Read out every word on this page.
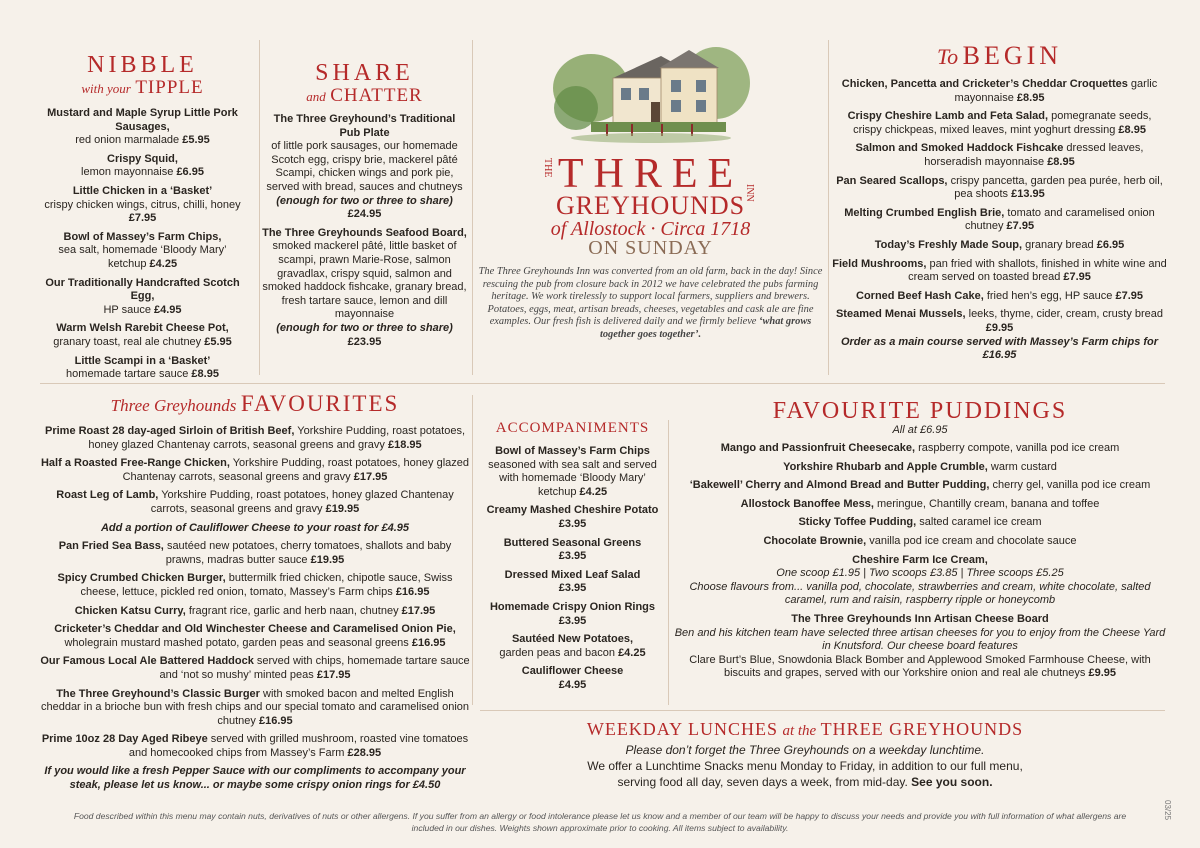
NIBBLE
with your TIPPLE
Mustard and Maple Syrup Little Pork Sausages,
red onion marmalade £5.95
Crispy Squid,
lemon mayonnaise £6.95
Little Chicken in a ‘Basket’
crispy chicken wings, citrus, chilli, honey £7.95
Bowl of Massey’s Farm Chips,
sea salt, homemade ‘Bloody Mary’ ketchup £4.25
Our Traditionally Handcrafted Scotch Egg,
HP sauce £4.95
Warm Welsh Rarebit Cheese Pot,
granary toast, real ale chutney £5.95
Little Scampi in a ‘Basket’
homemade tartare sauce £8.95
SHARE
and CHATTER
The Three Greyhound’s Traditional Pub Plate
of little pork sausages, our homemade Scotch egg, crispy brie, mackerel pâté Scampi, chicken wings and pork pie, served with bread, sauces and chutneys
(enough for two or three to share)
£24.95
The Three Greyhounds Seafood Board,
smoked mackerel pâté, little basket of scampi, prawn Marie-Rose, salmon gravadlax, crispy squid, salmon and smoked haddock fishcake, granary bread, fresh tartare sauce, lemon and dill mayonnaise
(enough for two or three to share)
£23.95
THE THREE
GREYHOUNDS
INN
of Allostock · Circa 1718
ON SUNDAY
The Three Greyhounds Inn was converted from an old farm, back in the day! Since rescuing the pub from closure back in 2012 we have celebrated the pubs farming heritage. We work tirelessly to support local farmers, suppliers and brewers. Potatoes, eggs, meat, artisan breads, cheeses, vegetables and cask ale are fine examples. Our fresh fish is delivered daily and we firmly believe ‘what grows together goes together’.
To BEGIN
Chicken, Pancetta and Cricketer’s Cheddar Croquettes garlic mayonnaise £8.95
Crispy Cheshire Lamb and Feta Salad, pomegranate seeds, crispy chickpeas, mixed leaves, mint yoghurt dressing £8.95
Salmon and Smoked Haddock Fishcake dressed leaves, horseradish mayonnaise £8.95
Pan Seared Scallops, crispy pancetta, garden pea purée, herb oil, pea shoots £13.95
Melting Crumbed English Brie, tomato and caramelised onion chutney £7.95
Today’s Freshly Made Soup, granary bread £6.95
Field Mushrooms, pan fried with shallots, finished in white wine and cream served on toasted bread £7.95
Corned Beef Hash Cake, fried hen’s egg, HP sauce £7.95
Steamed Menai Mussels, leeks, thyme, cider, cream, crusty bread £9.95
Order as a main course served with Massey’s Farm chips for £16.95
Three Greyhounds FAVOURITES
Prime Roast 28 day-aged Sirloin of British Beef, Yorkshire Pudding, roast potatoes, honey glazed Chantenay carrots, seasonal greens and gravy £18.95
Half a Roasted Free-Range Chicken, Yorkshire Pudding, roast potatoes, honey glazed Chantenay carrots, seasonal greens and gravy £17.95
Roast Leg of Lamb, Yorkshire Pudding, roast potatoes, honey glazed Chantenay carrots, seasonal greens and gravy £19.95
Add a portion of Cauliflower Cheese to your roast for £4.95
Pan Fried Sea Bass, sautéed new potatoes, cherry tomatoes, shallots and baby prawns, madras butter sauce £19.95
Spicy Crumbed Chicken Burger, buttermilk fried chicken, chipotle sauce, Swiss cheese, lettuce, pickled red onion, tomato, Massey’s Farm chips £16.95
Chicken Katsu Curry, fragrant rice, garlic and herb naan, chutney £17.95
Cricketer’s Cheddar and Old Winchester Cheese and Caramelised Onion Pie, wholegrain mustard mashed potato, garden peas and seasonal greens £16.95
Our Famous Local Ale Battered Haddock served with chips, homemade tartare sauce and ‘not so mushy’ minted peas £17.95
The Three Greyhound’s Classic Burger with smoked bacon and melted English cheddar in a brioche bun with fresh chips and our special tomato and caramelised onion chutney £16.95
Prime 10oz 28 Day Aged Ribeye served with grilled mushroom, roasted vine tomatoes and homecooked chips from Massey’s Farm £28.95
If you would like a fresh Pepper Sauce with our compliments to accompany your steak, please let us know... or maybe some crispy onion rings for £4.50
ACCOMPANIMENTS
Bowl of Massey’s Farm Chips
seasoned with sea salt and served with homemade ‘Bloody Mary’ ketchup £4.25
Creamy Mashed Cheshire Potato
£3.95
Buttered Seasonal Greens
£3.95
Dressed Mixed Leaf Salad
£3.95
Homemade Crispy Onion Rings
£3.95
Sautéed New Potatoes,
garden peas and bacon £4.25
Cauliflower Cheese
£4.95
FAVOURITE PUDDINGS
All at £6.95
Mango and Passionfruit Cheesecake, raspberry compote, vanilla pod ice cream
Yorkshire Rhubarb and Apple Crumble, warm custard
‘Bakewell’ Cherry and Almond Bread and Butter Pudding, cherry gel, vanilla pod ice cream
Allostock Banoffee Mess, meringue, Chantilly cream, banana and toffee
Sticky Toffee Pudding, salted caramel ice cream
Chocolate Brownie, vanilla pod ice cream and chocolate sauce
Cheshire Farm Ice Cream,
One scoop £1.95 | Two scoops £3.85 | Three scoops £5.25
Choose flavours from... vanilla pod, chocolate, strawberries and cream, white chocolate, salted caramel, rum and raisin, raspberry ripple or honeycomb
The Three Greyhounds Inn Artisan Cheese Board
Ben and his kitchen team have selected three artisan cheeses for you to enjoy from the Cheese Yard in Knutsford. Our cheese board features
Clare Burt’s Blue, Snowdonia Black Bomber and Applewood Smoked Farmhouse Cheese, with biscuits and grapes, served with our Yorkshire onion and real ale chutneys £9.95
WEEKDAY LUNCHES at the THREE GREYHOUNDS
Please don’t forget the Three Greyhounds on a weekday lunchtime.
We offer a Lunchtime Snacks menu Monday to Friday, in addition to our full menu, serving food all day, seven days a week, from mid-day. See you soon.
Food described within this menu may contain nuts, derivatives of nuts or other allergens. If you suffer from an allergy or food intolerance please let us know and a member of our team will be happy to discuss your needs and provide you with full information of what allergens are included in our dishes. Weights shown approximate prior to cooking. All items subject to availability.
03/25
